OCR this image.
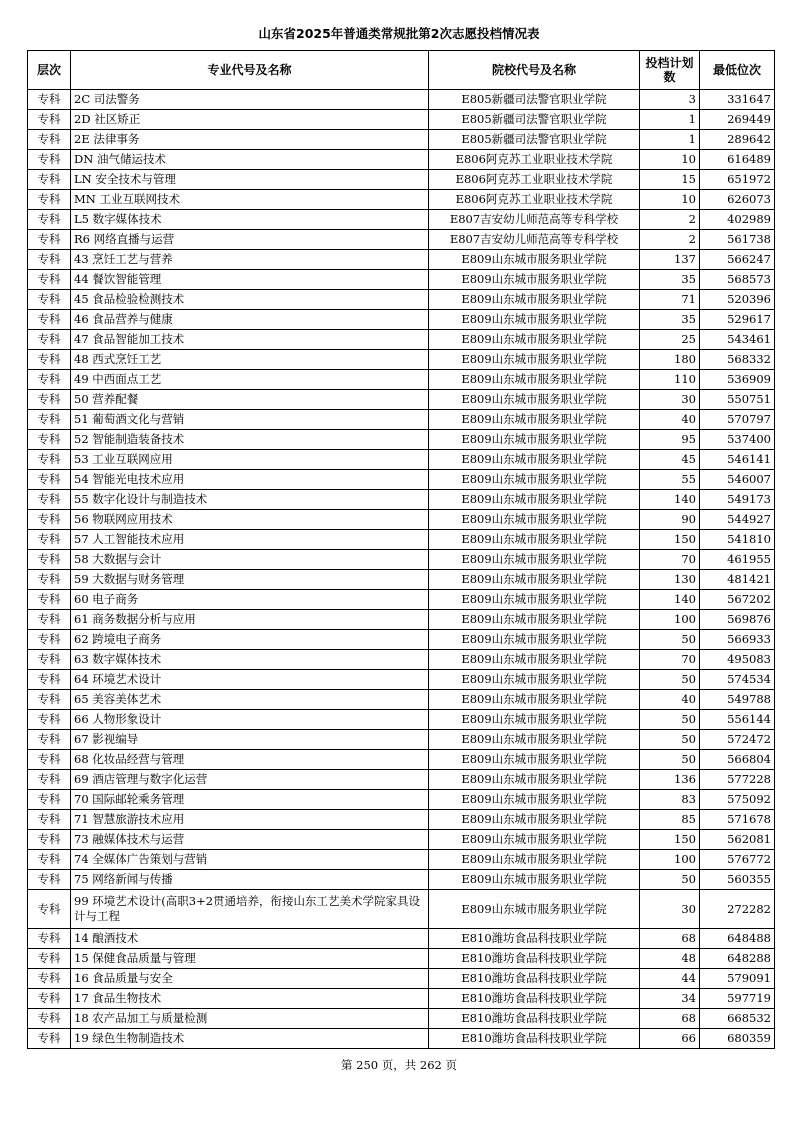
山东省2025年普通类常规批第2次志愿投档情况表
层次	专业代号及名称	院校代号及名称	投档计划数	最低位次
专科	2C 司法警务	E805新疆司法警官职业学院	3	331647
专科	2D 社区矫正	E805新疆司法警官职业学院	1	269449
专科	2E 法律事务	E805新疆司法警官职业学院	1	289642
专科	DN 油气储运技术	E806阿克苏工业职业技术学院	10	616489
专科	LN 安全技术与管理	E806阿克苏工业职业技术学院	15	651972
专科	MN 工业互联网技术	E806阿克苏工业职业技术学院	10	626073
专科	L5 数字媒体技术	E807吉安幼儿师范高等专科学校	2	402989
专科	R6 网络直播与运营	E807吉安幼儿师范高等专科学校	2	561738
专科	43 烹饪工艺与营养	E809山东城市服务职业学院	137	566247
专科	44 餐饮智能管理	E809山东城市服务职业学院	35	568573
专科	45 食品检验检测技术	E809山东城市服务职业学院	71	520396
专科	46 食品营养与健康	E809山东城市服务职业学院	35	529617
专科	47 食品智能加工技术	E809山东城市服务职业学院	25	543461
专科	48 西式烹饪工艺	E809山东城市服务职业学院	180	568332
专科	49 中西面点工艺	E809山东城市服务职业学院	110	536909
专科	50 营养配餐	E809山东城市服务职业学院	30	550751
专科	51 葡萄酒文化与营销	E809山东城市服务职业学院	40	570797
专科	52 智能制造装备技术	E809山东城市服务职业学院	95	537400
专科	53 工业互联网应用	E809山东城市服务职业学院	45	546141
专科	54 智能光电技术应用	E809山东城市服务职业学院	55	546007
专科	55 数字化设计与制造技术	E809山东城市服务职业学院	140	549173
专科	56 物联网应用技术	E809山东城市服务职业学院	90	544927
专科	57 人工智能技术应用	E809山东城市服务职业学院	150	541810
专科	58 大数据与会计	E809山东城市服务职业学院	70	461955
专科	59 大数据与财务管理	E809山东城市服务职业学院	130	481421
专科	60 电子商务	E809山东城市服务职业学院	140	567202
专科	61 商务数据分析与应用	E809山东城市服务职业学院	100	569876
专科	62 跨境电子商务	E809山东城市服务职业学院	50	566933
专科	63 数字媒体技术	E809山东城市服务职业学院	70	495083
专科	64 环境艺术设计	E809山东城市服务职业学院	50	574534
专科	65 美容美体艺术	E809山东城市服务职业学院	40	549788
专科	66 人物形象设计	E809山东城市服务职业学院	50	556144
专科	67 影视编导	E809山东城市服务职业学院	50	572472
专科	68 化妆品经营与管理	E809山东城市服务职业学院	50	566804
专科	69 酒店管理与数字化运营	E809山东城市服务职业学院	136	577228
专科	70 国际邮轮乘务管理	E809山东城市服务职业学院	83	575092
专科	71 智慧旅游技术应用	E809山东城市服务职业学院	85	571678
专科	73 融媒体技术与运营	E809山东城市服务职业学院	150	562081
专科	74 全媒体广告策划与营销	E809山东城市服务职业学院	100	576772
专科	75 网络新闻与传播	E809山东城市服务职业学院	50	560355
专科	99 环境艺术设计(高职3+2贯通培养，衔接山东工艺美术学院家具设计与工程	E809山东城市服务职业学院	30	272282
专科	14 酿酒技术	E810潍坊食品科技职业学院	68	648488
专科	15 保健食品质量与管理	E810潍坊食品科技职业学院	48	648288
专科	16 食品质量与安全	E810潍坊食品科技职业学院	44	579091
专科	17 食品生物技术	E810潍坊食品科技职业学院	34	597719
专科	18 农产品加工与质量检测	E810潍坊食品科技职业学院	68	668532
专科	19 绿色生物制造技术	E810潍坊食品科技职业学院	66	680359
第 250 页，共 262 页
